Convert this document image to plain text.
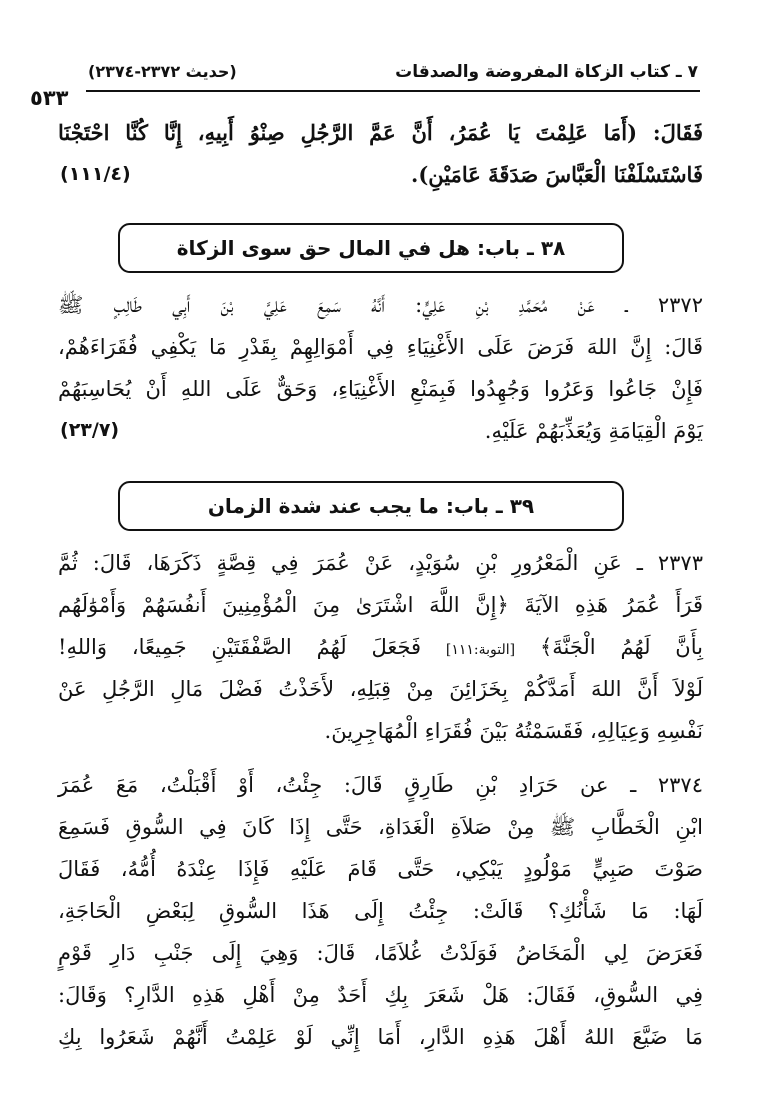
٧ ـ كتاب الزكاة المفروضة والصدقات
(حديث ٢٣٧٢-٢٣٧٤)
٥٣٣
فَقَالَ: (أَمَا عَلِمْتَ يَا عُمَرُ، أَنَّ عَمَّ الرَّجُلِ صِنْوُ أَبِيهِ، إِنَّا كُنَّا احْتَجْنَا
فَاسْتَسْلَفْنَا الْعَبَّاسَ صَدَقَةَ عَامَيْنِ).
(١١١/٤)
٣٨ ـ باب: هل في المال حق سوى الزكاة
٢٣٧٢ ـ عَنْ مُحَمَّدِ بْنِ عَلِيٍّ: أَنَّهُ سَمِعَ عَلِيَّ بْنَ أَبِي طَالِبٍ ﷺ
قَالَ: إِنَّ اللهَ فَرَضَ عَلَى الأَغْنِيَاءِ فِي أَمْوَالِهِمْ بِقَدْرِ مَا يَكْفِي فُقَرَاءَهُمْ،
فَإِنْ جَاعُوا وَعَرُوا وَجُهِدُوا فَبِمَنْعِ الأَغْنِيَاءِ، وَحَقٌّ عَلَى اللهِ أَنْ يُحَاسِبَهُمْ
يَوْمَ الْقِيَامَةِ وَيُعَذِّبَهُمْ عَلَيْهِ.
(٢٣/٧)
٣٩ ـ باب: ما يجب عند شدة الزمان
٢٣٧٣ ـ عَنِ الْمَعْرُورِ بْنِ سُوَيْدٍ، عَنْ عُمَرَ فِي قِصَّةٍ ذَكَرَهَا، قَالَ: ثُمَّ
قَرَأَ عُمَرُ هَذِهِ الآيَةَ ﴿إِنَّ اللَّهَ اشْتَرَىٰ مِنَ الْمُؤْمِنِينَ أَنفُسَهُمْ وَأَمْوَٰلَهُم
بِأَنَّ لَهُمُ الْجَنَّةَ﴾ [التوبة:١١١] فَجَعَلَ لَهُمُ الصَّفْقَتَيْنِ جَمِيعًا، وَاللهِ!
لَوْلاَ أَنَّ اللهَ أَمَدَّكُمْ بِخَزَائِنَ مِنْ قِبَلِهِ، لأَخَذْتُ فَضْلَ مَالِ الرَّجُلِ عَنْ
نَفْسِهِ وَعِيَالِهِ، فَقَسَمْتُهُ بَيْنَ فُقَرَاءِ الْمُهَاجِرِينَ.
٢٣٧٤ ـ عن حَرَادِ بْنِ طَارِقٍ قَالَ: جِئْتُ، أَوْ أَقْبَلْتُ، مَعَ عُمَرَ
ابْنِ الْخَطَّابِ ﷺ مِنْ صَلاَةِ الْغَدَاةِ، حَتَّى إِذَا كَانَ فِي السُّوقِ فَسَمِعَ
صَوْتَ صَبِيٍّ مَوْلُودٍ يَبْكِي، حَتَّى قَامَ عَلَيْهِ فَإِذَا عِنْدَهُ أُمُّهُ، فَقَالَ
لَهَا: مَا شَأْنُكِ؟ قَالَتْ: جِئْتُ إِلَى هَذَا السُّوقِ لِبَعْضِ الْحَاجَةِ،
فَعَرَضَ لِي الْمَخَاضُ فَوَلَدْتُ غُلاَمًا، قَالَ: وَهِيَ إِلَى جَنْبِ دَارِ قَوْمٍ
فِي السُّوقِ، فَقَالَ: هَلْ شَعَرَ بِكِ أَحَدٌ مِنْ أَهْلِ هَذِهِ الدَّارِ؟ وَقَالَ:
مَا ضَيَّعَ اللهُ أَهْلَ هَذِهِ الدَّارِ، أَمَا إِنِّي لَوْ عَلِمْتُ أَنَّهُمْ شَعَرُوا بِكِ
